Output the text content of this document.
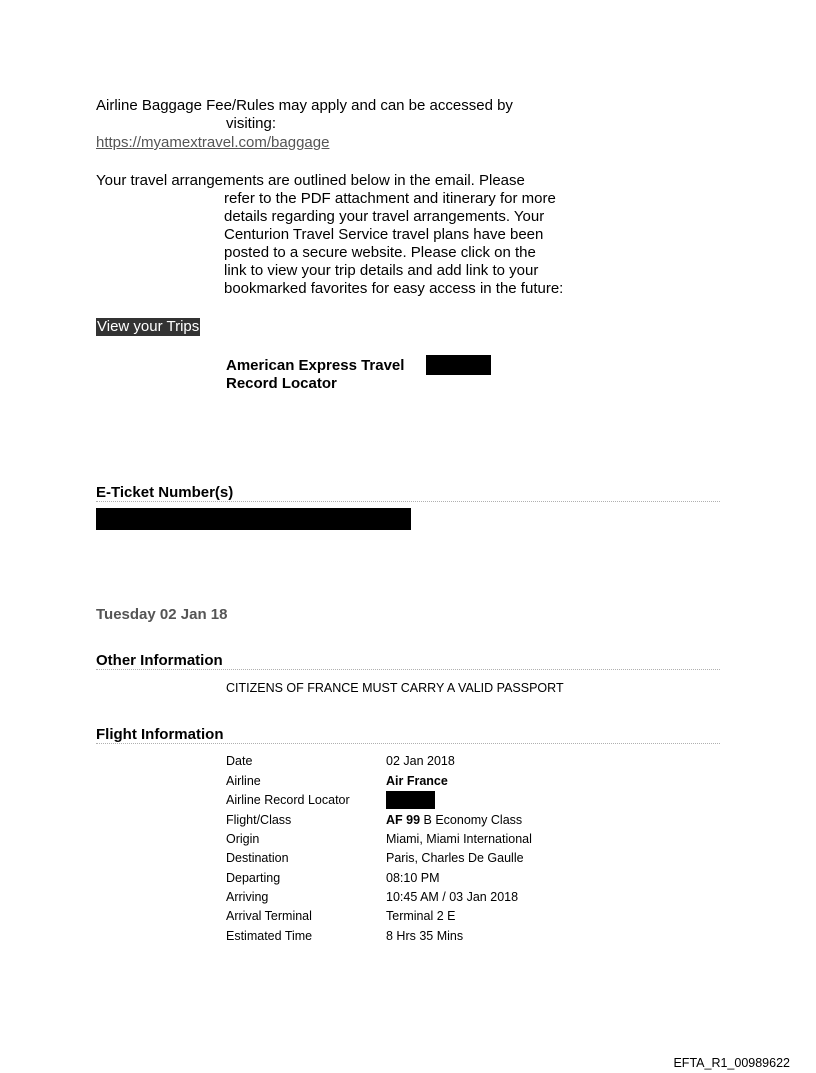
Airline Baggage Fee/Rules may apply and can be accessed by
visiting:
https://myamextravel.com/baggage
Your travel arrangements are outlined below in the email. Please
refer to the PDF attachment and itinerary for more
details regarding your travel arrangements. Your
Centurion Travel Service travel plans have been
posted to a secure website. Please click on the
link to view your trip details and add link to your
bookmarked favorites for easy access in the future:
View your Trips
American Express Travel
Record Locator
E-Ticket Number(s)
Tuesday 02 Jan 18
Other Information
CITIZENS OF FRANCE MUST CARRY A VALID PASSPORT
Flight Information
Date	02 Jan 2018
Airline	Air France
Airline Record Locator
Flight/Class	AF 99 B Economy Class
Origin	Miami, Miami International
Destination	Paris, Charles De Gaulle
Departing	08:10 PM
Arriving	10:45 AM / 03 Jan 2018
Arrival Terminal	Terminal 2 E
Estimated Time	8 Hrs 35 Mins
EFTA_R1_00989622
